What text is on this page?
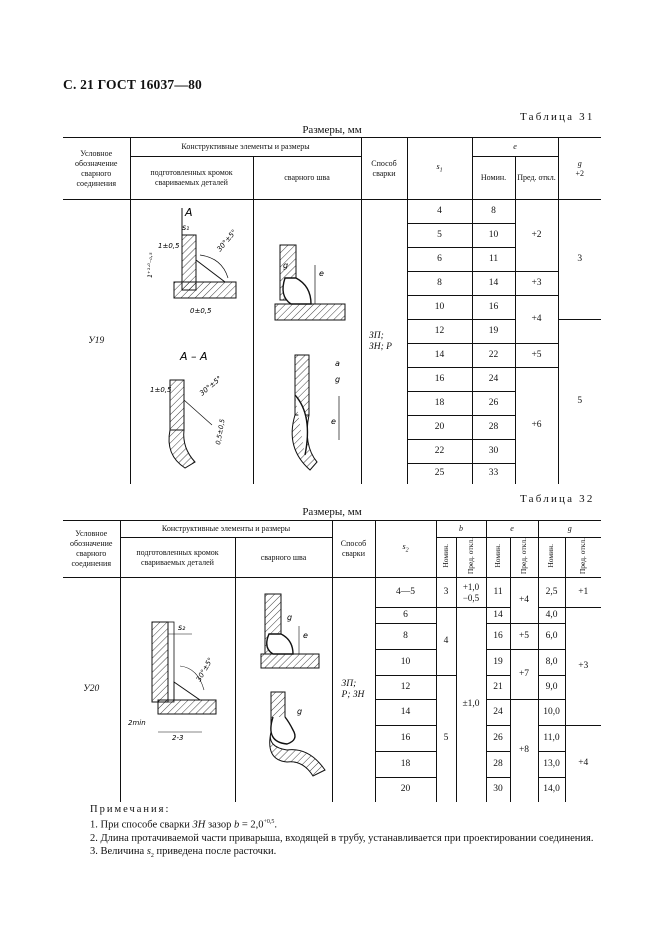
С. 21 ГОСТ 16037—80
Таблица 31
Размеры, мм
Условное обозначение сварного соединения	Конструктивные элементы и размеры		Способ сварки	$s_1$	e		g
+2
	подготовленных кромок свариваемых деталей	сварного шва			Номин.	Пред. откл.	
У19			ЗП; ЗН; Р	4	8	+2	3
				5	10		
				6	11		
				8	14	+3	
				10	16	+4	
				12	19		5
				14	22	+5	
				16	24	+6	
				18	26		
				20	28		
				22	30		
				25	33		
А
s₁
1±0,5
1⁺¹·⁰₋₀,₅
30°±5°
0±0,5
А – А
1±0,5	30°±5°
0,5±0,5
g
e
a
g
e
Таблица 32
Размеры, мм
Условное обозначение сварного соединения	Конструктивные элементы и размеры		Способ сварки	$s_2$	b		e		g	
	подготовленных кромок свариваемых деталей	сварного шва			Номин.	Пред. откл.	Номин.	Пред. откл.	Номин.	Пред. откл.
У20			ЗП; Р; ЗН	4—5	3	+1,0 −0,5	11	+4	2,5	+1
				6	4	±1,0	14		4,0	+3
				8			16	+5	6,0	
				10			19	+7	8,0	
				12	5		21		9,0	
				14			24	+8	10,0	
				16			26		11,0	+4
				18			28		13,0	
				20			30		14,0	
s₂
30°±5°
2min
2-3
g
e
g
Примечания:
1. При способе сварки ЗН зазор $b = 2,0^{+0,5}$.
2. Длина протачиваемой части приварыша, входящей в трубу, устанавливается при проектировании соединения.
3. Величина $s_2$ приведена после расточки.
